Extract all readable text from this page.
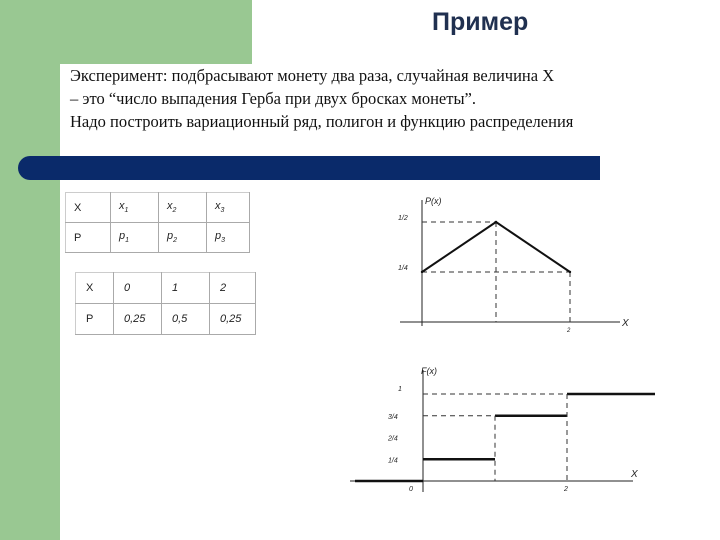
Пример
Эксперимент: подбрасывают монету два раза, случайная величина X
– это “число выпадения Герба при двух бросках монеты”.
Надо построить вариационный ряд, полигон и функцию распределения
X	$x_1$	$x_2$	$x_3$
P	$p_1$	$p_2$	$p_3$
X	0	1	2
P	0,25	0,5	0,25
P(x)
X
1/2
1/4
2
F(x)
X
1
3/4
2/4
1/4
0	2
